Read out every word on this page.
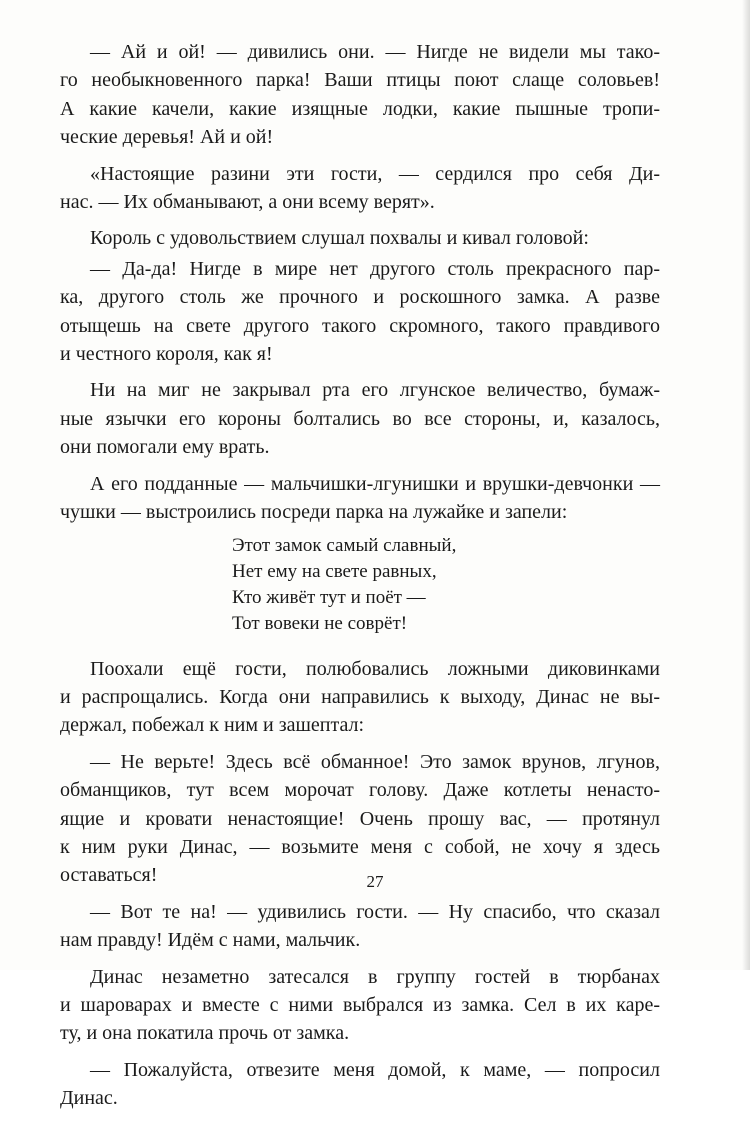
— Ай и ой! — дивились они. — Нигде не видели мы тако-
го необыкновенного парка! Ваши птицы поют слаще соловьев!
А какие качели, какие изящные лодки, какие пышные тропи-
ческие деревья! Ай и ой!

«Настоящие разини эти гости, — сердился про себя Ди-
нас. — Их обманывают, а они всему верят».

Король с удовольствием слушал похвалы и кивал головой:

— Да-да! Нигде в мире нет другого столь прекрасного пар-
ка, другого столь же прочного и роскошного замка. А разве
отыщешь на свете другого такого скромного, такого правдивого
и честного короля, как я!

Ни на миг не закрывал рта его лгунское величество, бумаж-
ные язычки его короны болтались во все стороны, и, казалось,
они помогали ему врать.

А его подданные — мальчишки-лгунишки и врушки-девчонки —
чушки — выстроились посреди парка на лужайке и запели:

Этот замок самый славный,
Нет ему на свете равных,
Кто живёт тут и поёт —
Тот вовеки не соврёт!

Поохали ещё гости, полюбовались ложными диковинками
и распрощались. Когда они направились к выходу, Динас не вы-
держал, побежал к ним и зашептал:

— Не верьте! Здесь всё обманное! Это замок врунов, лгунов,
обманщиков, тут всем морочат голову. Даже котлеты ненасто-
ящие и кровати ненастоящие! Очень прошу вас, — протянул
к ним руки Динас, — возьмите меня с собой, не хочу я здесь
оставаться!

— Вот те на! — удивились гости. — Ну спасибо, что сказал
нам правду! Идём с нами, мальчик.

Динас незаметно затесался в группу гостей в тюрбанах
и шароварах и вместе с ними выбрался из замка. Сел в их каре-
ту, и она покатила прочь от замка.

— Пожалуйста, отвезите меня домой, к маме, — попросил
Динас.

27
